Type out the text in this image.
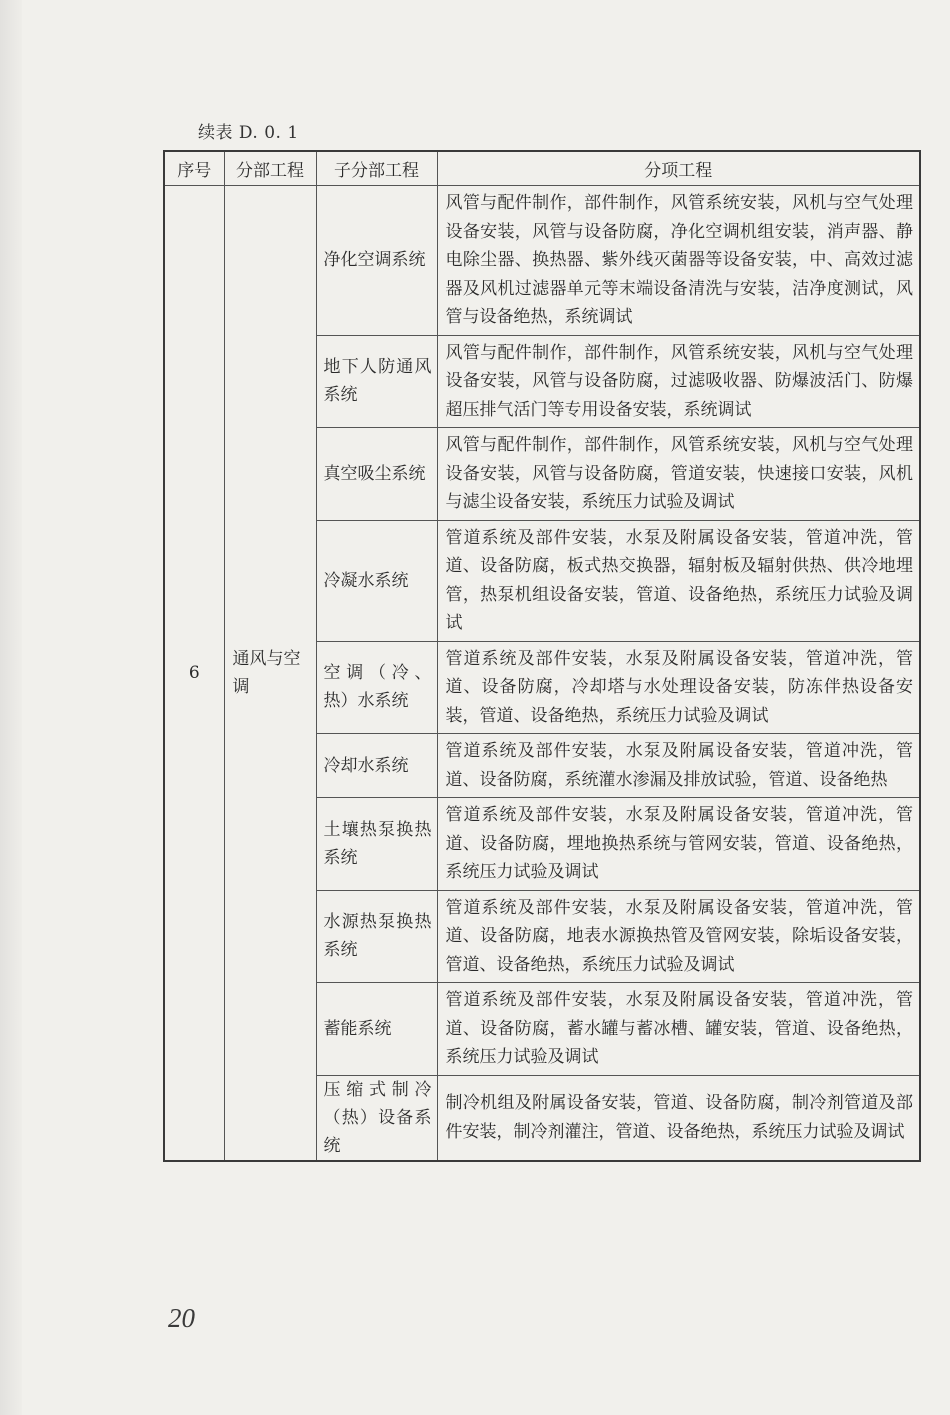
续表 D. 0. 1
序号	分部工程	子分部工程	分项工程
6	通风与空调	净化空调系统	风管与配件制作，部件制作，风管系统安装，风机与空气处理设备安装，风管与设备防腐，净化空调机组安装，消声器、静电除尘器、换热器、紫外线灭菌器等设备安装，中、高效过滤器及风机过滤器单元等末端设备清洗与安装，洁净度测试，风管与设备绝热，系统调试
		地下人防通风系统	风管与配件制作，部件制作，风管系统安装，风机与空气处理设备安装，风管与设备防腐，过滤吸收器、防爆波活门、防爆超压排气活门等专用设备安装，系统调试
		真空吸尘系统	风管与配件制作，部件制作，风管系统安装，风机与空气处理设备安装，风管与设备防腐，管道安装，快速接口安装，风机与滤尘设备安装，系统压力试验及调试
		冷凝水系统	管道系统及部件安装，水泵及附属设备安装，管道冲洗，管道、设备防腐，板式热交换器，辐射板及辐射供热、供冷地埋管，热泵机组设备安装，管道、设备绝热，系统压力试验及调试
		空调（冷、热）水系统	管道系统及部件安装，水泵及附属设备安装，管道冲洗，管道、设备防腐，冷却塔与水处理设备安装，防冻伴热设备安装，管道、设备绝热，系统压力试验及调试
		冷却水系统	管道系统及部件安装，水泵及附属设备安装，管道冲洗，管道、设备防腐，系统灌水渗漏及排放试验，管道、设备绝热
		土壤热泵换热系统	管道系统及部件安装，水泵及附属设备安装，管道冲洗，管道、设备防腐，埋地换热系统与管网安装，管道、设备绝热，系统压力试验及调试
		水源热泵换热系统	管道系统及部件安装，水泵及附属设备安装，管道冲洗，管道、设备防腐，地表水源换热管及管网安装，除垢设备安装，管道、设备绝热，系统压力试验及调试
		蓄能系统	管道系统及部件安装，水泵及附属设备安装，管道冲洗，管道、设备防腐，蓄水罐与蓄冰槽、罐安装，管道、设备绝热，系统压力试验及调试
		压缩式制冷（热）设备系统	制冷机组及附属设备安装，管道、设备防腐，制冷剂管道及部件安装，制冷剂灌注，管道、设备绝热，系统压力试验及调试
20
